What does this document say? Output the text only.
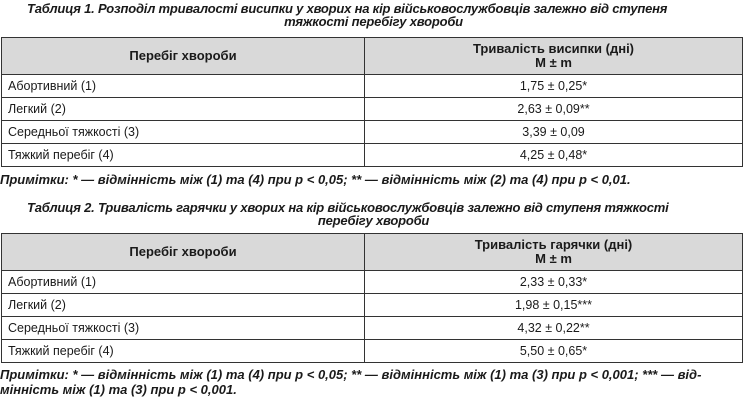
Таблиця 1. Розподіл тривалості висипки у хворих на кір військовослужбовців залежно від ступеня
тяжкості перебігу хвороби
Перебіг хвороби	Тривалість висипки (дні)
M ± m
Абортивний (1)	1,75 ± 0,25*
Легкий (2)	2,63 ± 0,09**
Середньої тяжкості (3)	3,39 ± 0,09
Тяжкий перебіг (4)	4,25 ± 0,48*
Примітки: * — відмінність між (1) та (4) при p < 0,05; ** — відмінність між (2) та (4) при p < 0,01.
Таблиця 2. Тривалість гарячки у хворих на кір військовослужбовців залежно від ступеня тяжкості
перебігу хвороби
Перебіг хвороби	Тривалість гарячки (дні)
M ± m
Абортивний (1)	2,33 ± 0,33*
Легкий (2)	1,98 ± 0,15***
Середньої тяжкості (3)	4,32 ± 0,22**
Тяжкий перебіг (4)	5,50 ± 0,65*
Примітки: * — відмінність між (1) та (4) при p < 0,05; ** — відмінність між (1) та (3) при p < 0,001; *** — від-
мінність між (1) та (3) при p < 0,001.
